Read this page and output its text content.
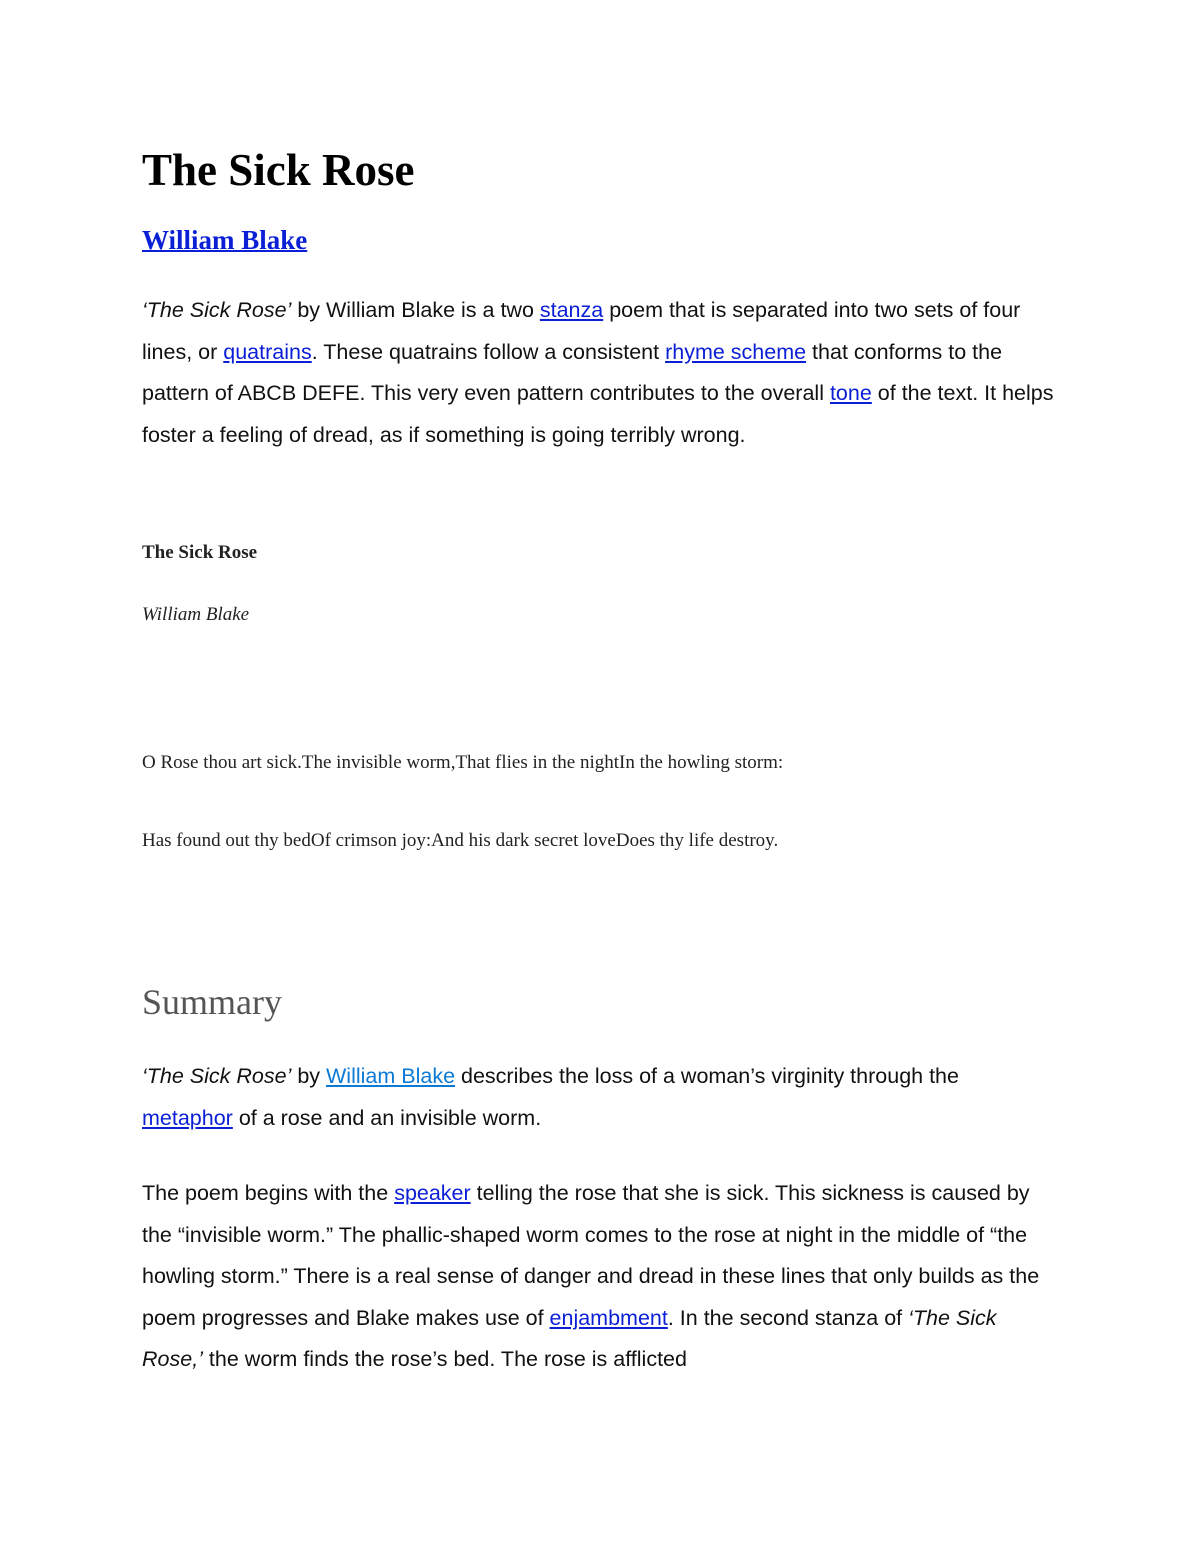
The Sick Rose
William Blake

‘The Sick Rose’ by William Blake is a two stanza poem that is separated into two sets of four lines, or quatrains. These quatrains follow a consistent rhyme scheme that conforms to the pattern of ABCB DEFE. This very even pattern contributes to the overall tone of the text. It helps foster a feeling of dread, as if something is going terribly wrong.

The Sick Rose
William Blake
O Rose thou art sick.The invisible worm,That flies in the nightIn the howling storm:
Has found out thy bedOf crimson joy:And his dark secret loveDoes thy life destroy.
Summary

‘The Sick Rose’ by William Blake describes the loss of a woman’s virginity through the metaphor of a rose and an invisible worm.

The poem begins with the speaker telling the rose that she is sick. This sickness is caused by the “invisible worm.” The phallic-shaped worm comes to the rose at night in the middle of “the howling storm.” There is a real sense of danger and dread in these lines that only builds as the poem progresses and Blake makes use of enjambment. In the second stanza of ‘The Sick Rose,’ the worm finds the rose’s bed. The rose is afflicted
